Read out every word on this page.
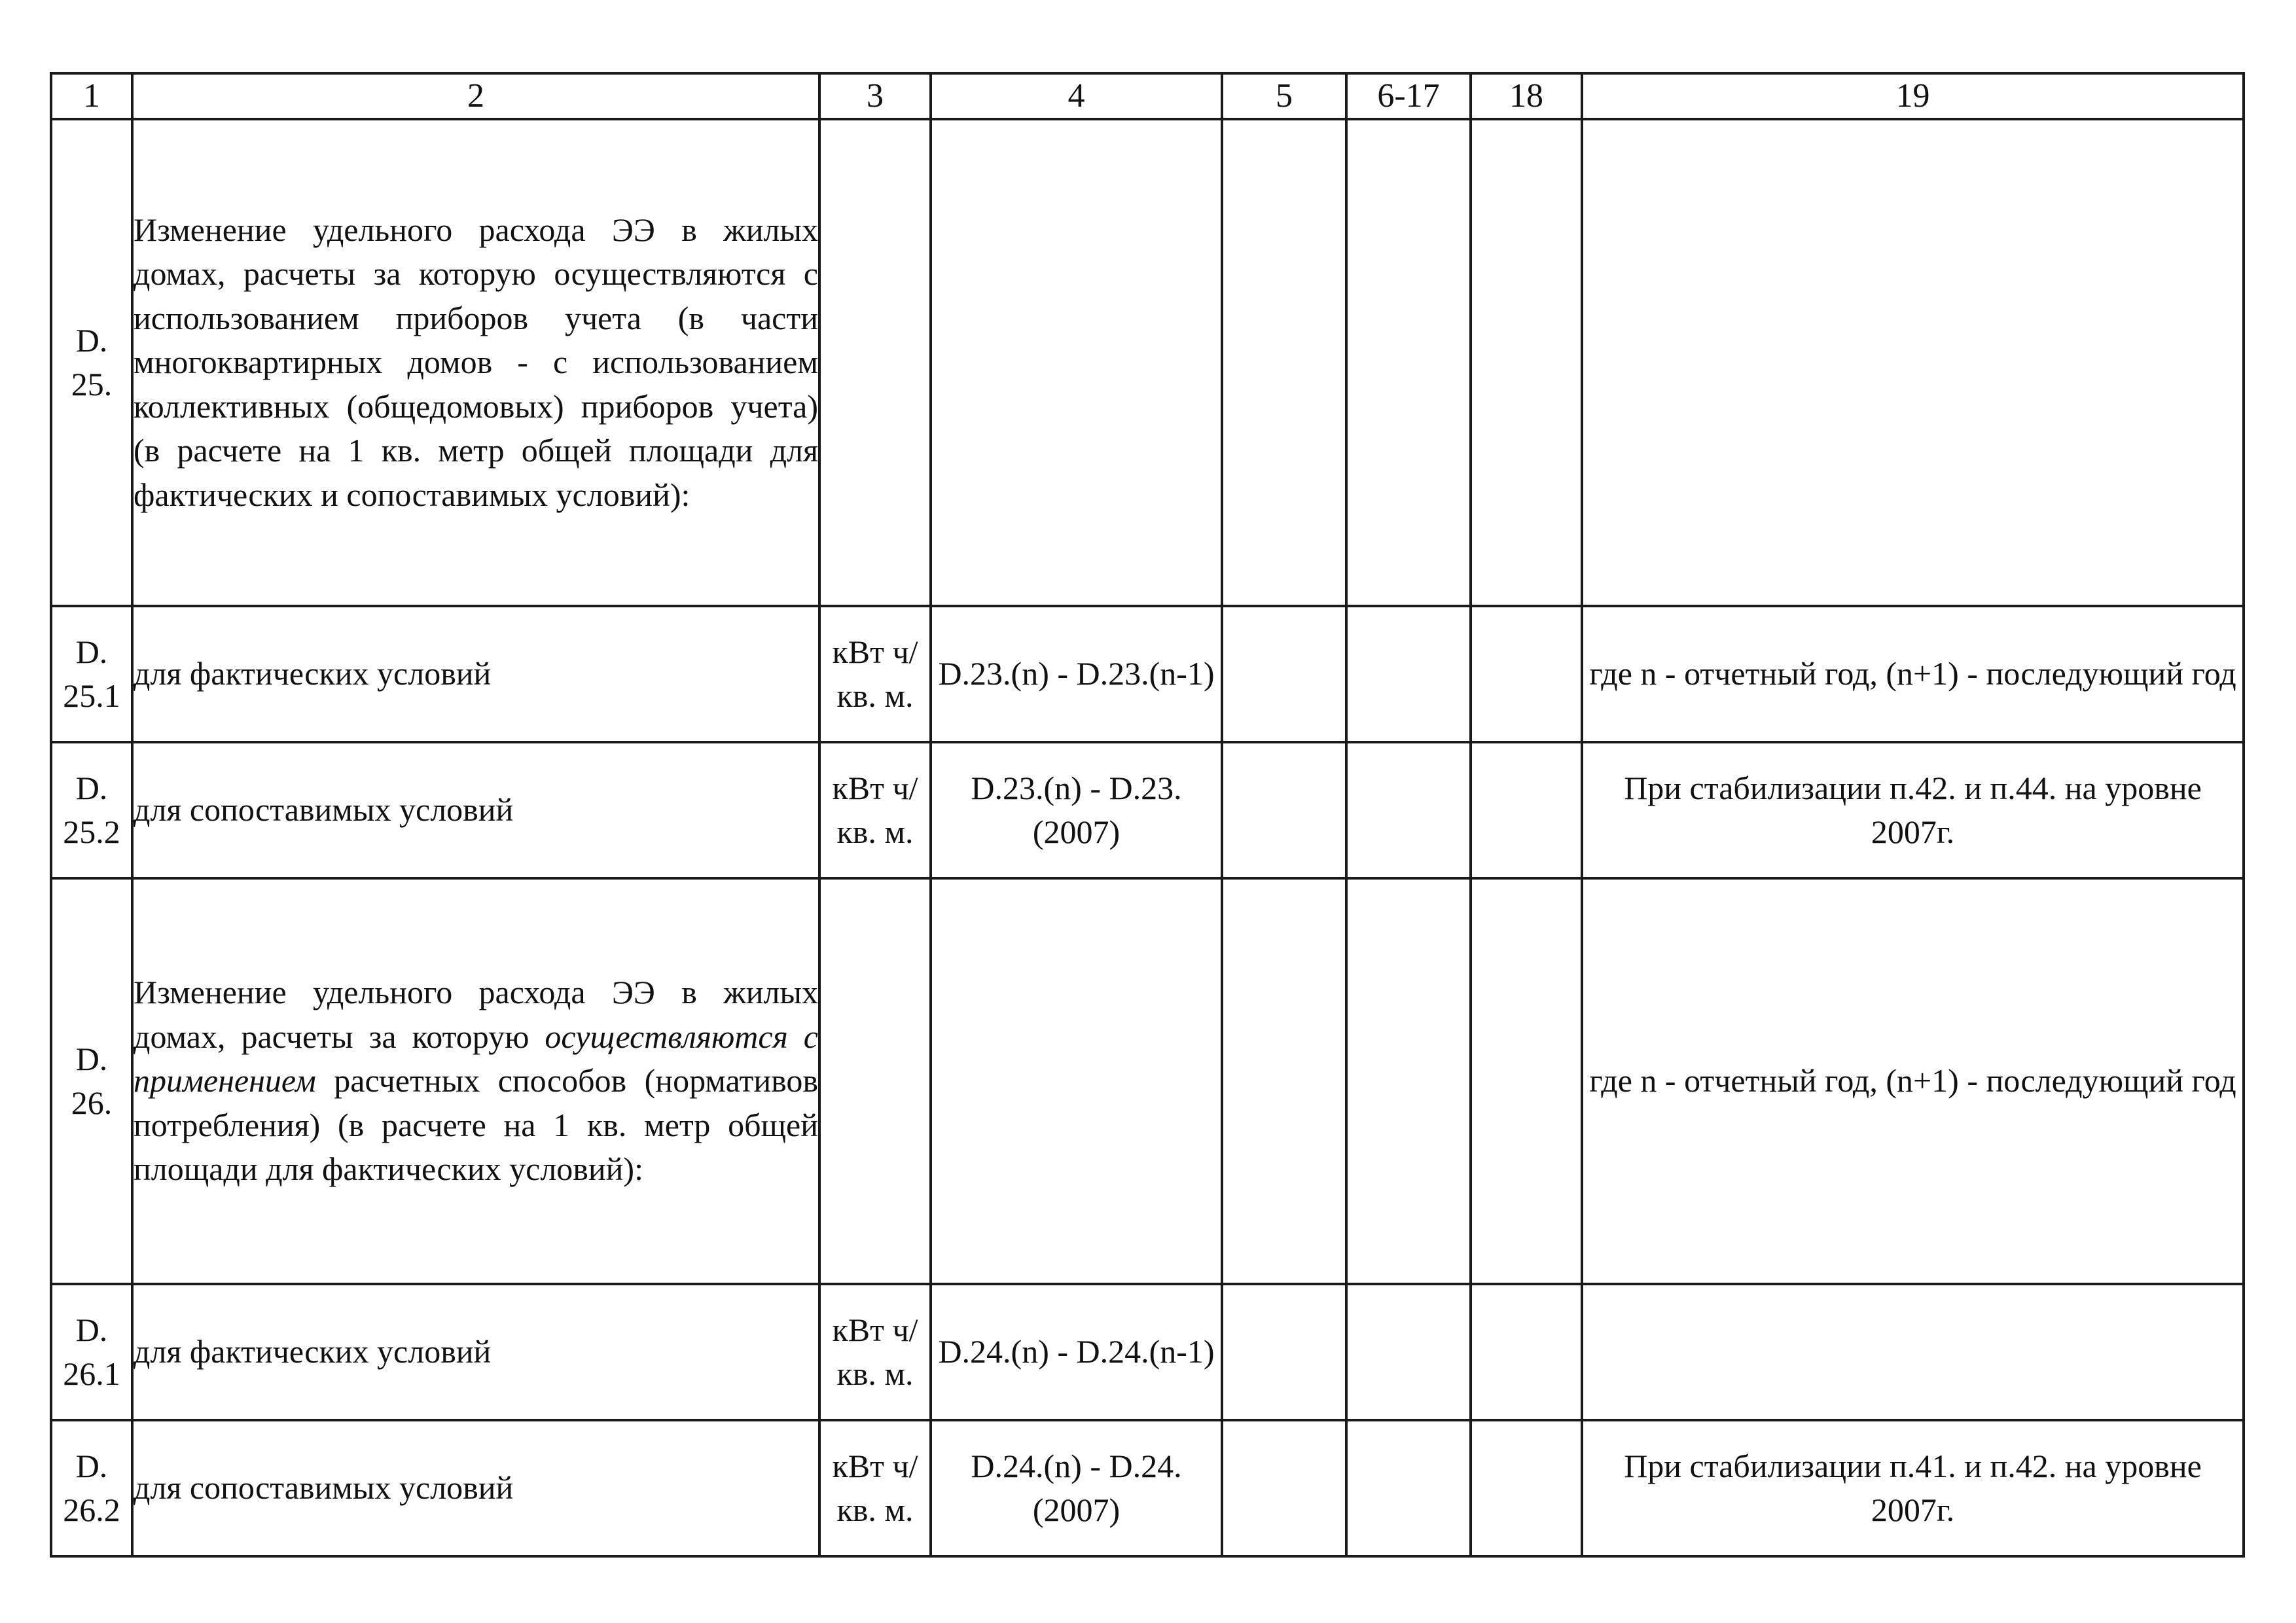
1	2	3	4	5	6-17	18	19
D. 25.	Изменение удельного расхода ЭЭ в жилых домах, расчеты за которую осуществляются с использованием приборов учета (в части многоквартирных домов - с использованием коллективных (общедомовых) приборов учета) (в расчете на 1 кв. метр общей площади для фактических и сопоставимых условий):						
D. 25.1	для фактических условий	кВт ч/кв. м.	D.23.(n) - D.23.(n-1)				где n - отчетный год, (n+1) - последующий год
D. 25.2	для сопоставимых условий	кВт ч/кв. м.	D.23.(n) - D.23.(2007)				При стабилизации п.42. и п.44. на уровне 2007г.
D. 26.	Изменение удельного расхода ЭЭ в жилых домах, расчеты за которую осуществляются с применением расчетных способов (нормативов потребления) (в расчете на 1 кв. метр общей площади для фактических условий):						где n - отчетный год, (n+1) - последующий год
D. 26.1	для фактических условий	кВт ч/кв. м.	D.24.(n) - D.24.(n-1)				
D. 26.2	для сопоставимых условий	кВт ч/кв. м.	D.24.(n) - D.24.(2007)				При стабилизации п.41. и п.42. на уровне 2007г.
